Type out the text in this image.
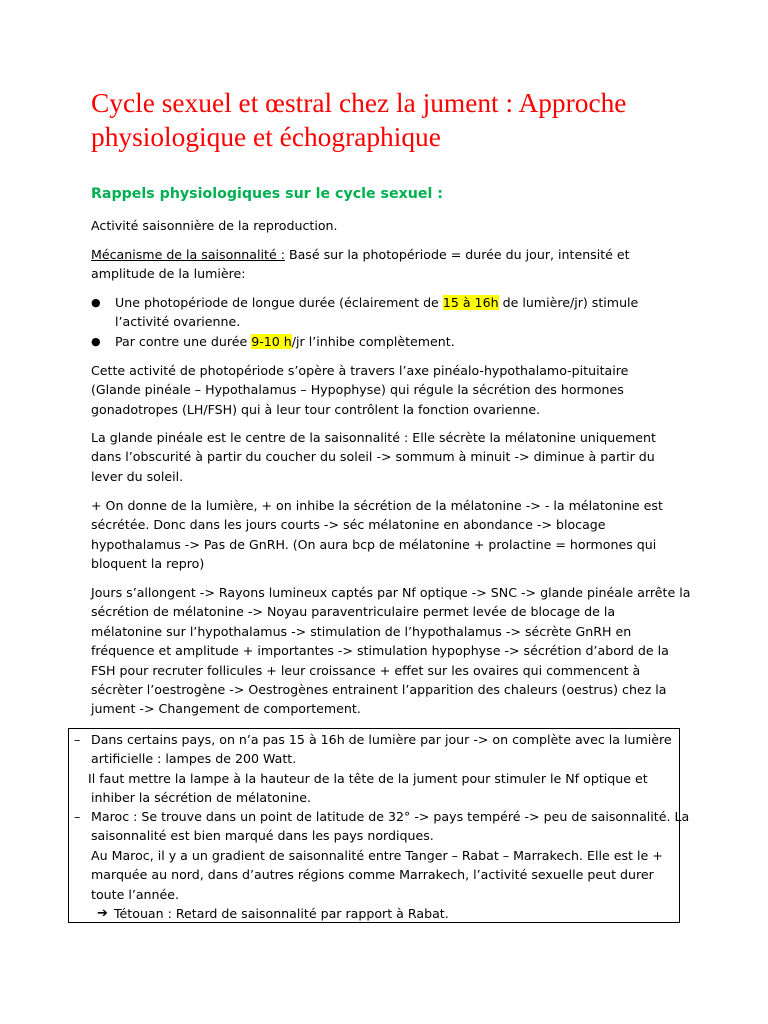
Cycle sexuel et œstral chez la jument : Approche
physiologique et échographique
Rappels physiologiques sur le cycle sexuel :

Activité saisonnière de la reproduction.

Mécanisme de la saisonnalité : Basé sur la photopériode = durée du jour, intensité et
amplitude de la lumière:

●	Une photopériode de longue durée (éclairement de 15 à 16h de lumière/jr) stimule
l’activité ovarienne.
●	Par contre une durée 9-10 h/jr l’inhibe complètement.

Cette activité de photopériode s’opère à travers l’axe pinéalo-hypothalamo-pituitaire
(Glande pinéale – Hypothalamus – Hypophyse) qui régule la sécrétion des hormones
gonadotropes (LH/FSH) qui à leur tour contrôlent la fonction ovarienne.

La glande pinéale est le centre de la saisonnalité : Elle sécrète la mélatonine uniquement
dans l’obscurité à partir du coucher du soleil -> sommum à minuit -> diminue à partir du
lever du soleil.

+ On donne de la lumière, + on inhibe la sécrétion de la mélatonine -> - la mélatonine est
sécrétée. Donc dans les jours courts -> séc mélatonine en abondance -> blocage
hypothalamus -> Pas de GnRH. (On aura bcp de mélatonine + prolactine = hormones qui
bloquent la repro)

Jours s’allongent -> Rayons lumineux captés par Nf optique -> SNC -> glande pinéale arrête la
sécrétion de mélatonine -> Noyau paraventriculaire permet levée de blocage de la
mélatonine sur l’hypothalamus -> stimulation de l’hypothalamus -> sécrète GnRH en
fréquence et amplitude + importantes -> stimulation hypophyse -> sécrétion d’abord de la
FSH pour recruter follicules + leur croissance + effet sur les ovaires qui commencent à
sécrèter l’oestrogène -> Oestrogènes entrainent l’apparition des chaleurs (oestrus) chez la
jument -> Changement de comportement.

– Dans certains pays, on n’a pas 15 à 16h de lumière par jour -> on complète avec la lumière
artificielle : lampes de 200 Watt.
Il faut mettre la lampe à la hauteur de la tête de la jument pour stimuler le Nf optique et
inhiber la sécrétion de mélatonine.
– Maroc : Se trouve dans un point de latitude de 32° -> pays tempéré -> peu de saisonnalité. La
saisonnalité est bien marqué dans les pays nordiques.
Au Maroc, il y a un gradient de saisonnalité entre Tanger – Rabat – Marrakech. Elle est le +
marquée au nord, dans d’autres régions comme Marrakech, l’activité sexuelle peut durer
toute l’année.
➔ Tétouan : Retard de saisonnalité par rapport à Rabat.
